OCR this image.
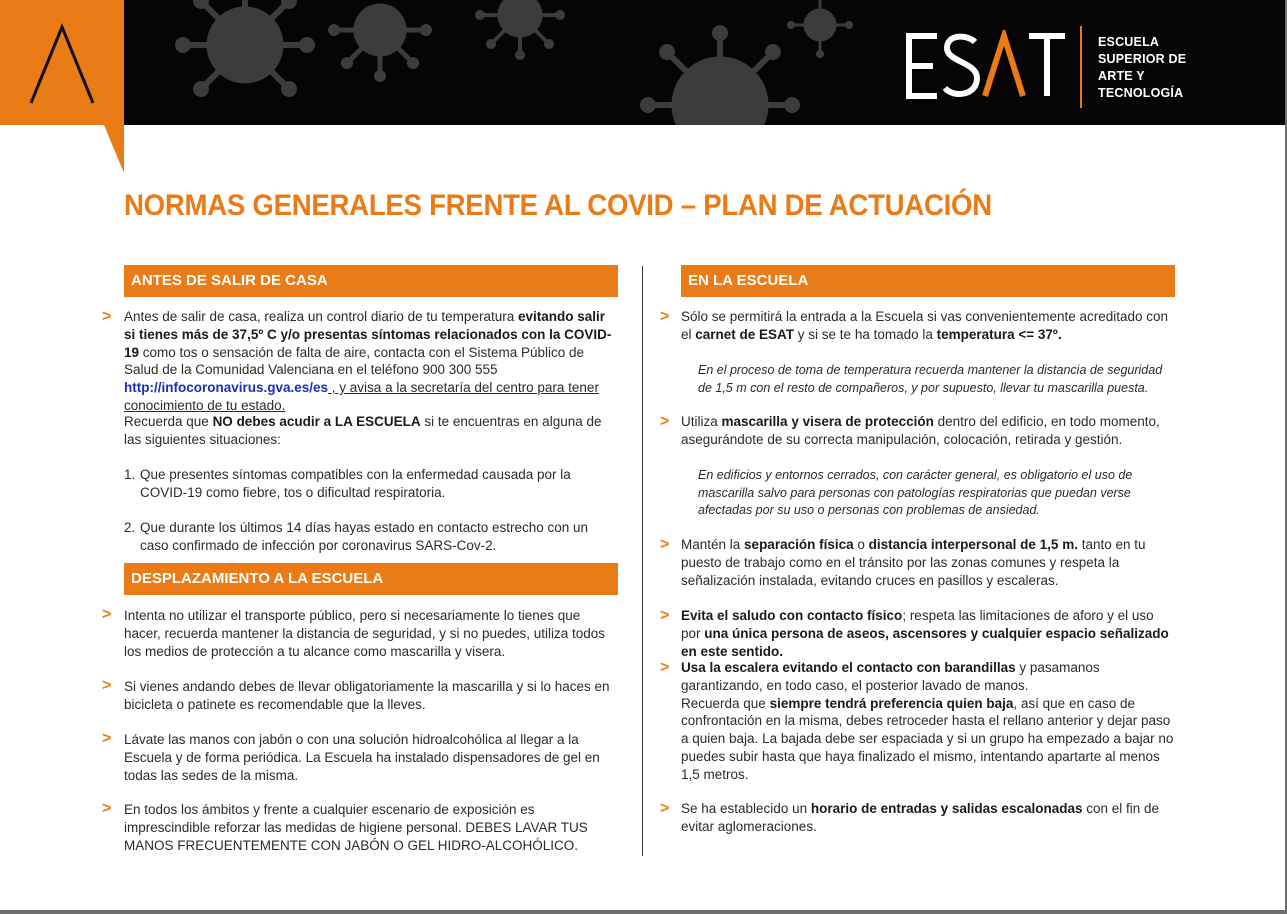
ESCUELA
SUPERIOR DE
ARTE Y
TECNOLOGÍA
NORMAS GENERALES FRENTE AL COVID – PLAN DE ACTUACIÓN
ANTES DE SALIR DE CASA
> Antes de salir de casa, realiza un control diario de tu temperatura evitando salir si tienes más de 37,5º C y/o presentas síntomas relacionados con la COVID-19 como tos o sensación de falta de aire, contacta con el Sistema Público de Salud de la Comunidad Valenciana en el teléfono 900 300 555 http://infocoronavirus.gva.es/es , y avisa a la secretaría del centro para tener conocimiento de tu estado.
Recuerda que NO debes acudir a LA ESCUELA si te encuentras en alguna de las siguientes situaciones:
1. Que presentes síntomas compatibles con la enfermedad causada por la COVID-19 como fiebre, tos o dificultad respiratoria.
2. Que durante los últimos 14 días hayas estado en contacto estrecho con un caso confirmado de infección por coronavirus SARS-Cov-2.
DESPLAZAMIENTO A LA ESCUELA
> Intenta no utilizar el transporte público, pero si necesariamente lo tienes que hacer, recuerda mantener la distancia de seguridad, y si no puedes, utiliza todos los medios de protección a tu alcance como mascarilla y visera.
> Si vienes andando debes de llevar obligatoriamente la mascarilla y si lo haces en bicicleta o patinete es recomendable que la lleves.
> Lávate las manos con jabón o con una solución hidroalcohólica al llegar a la Escuela y de forma periódica. La Escuela ha instalado dispensadores de gel en todas las sedes de la misma.
> En todos los ámbitos y frente a cualquier escenario de exposición es imprescindible reforzar las medidas de higiene personal. DEBES LAVAR TUS MANOS FRECUENTEMENTE CON JABÓN O GEL HIDRO-ALCOHÓLICO.
EN LA ESCUELA
> Sólo se permitirá la entrada a la Escuela si vas convenientemente acreditado con el carnet de ESAT y si se te ha tomado la temperatura <= 37º.
En el proceso de toma de temperatura recuerda mantener la distancia de seguridad de 1,5 m con el resto de compañeros, y por supuesto, llevar tu mascarilla puesta.
> Utiliza mascarilla y visera de protección dentro del edificio, en todo momento, asegurándote de su correcta manipulación, colocación, retirada y gestión.
En edificios y entornos cerrados, con carácter general, es obligatorio el uso de mascarilla salvo para personas con patologías respiratorias que puedan verse afectadas por su uso o personas con problemas de ansiedad.
> Mantén la separación física o distancia interpersonal de 1,5 m. tanto en tu puesto de trabajo como en el tránsito por las zonas comunes y respeta la señalización instalada, evitando cruces en pasillos y escaleras.
> Evita el saludo con contacto físico; respeta las limitaciones de aforo y el uso por una única persona de aseos, ascensores y cualquier espacio señalizado en este sentido.
> Usa la escalera evitando el contacto con barandillas y pasamanos garantizando, en todo caso, el posterior lavado de manos.
Recuerda que siempre tendrá preferencia quien baja, así que en caso de confrontación en la misma, debes retroceder hasta el rellano anterior y dejar paso a quien baja. La bajada debe ser espaciada y si un grupo ha empezado a bajar no puedes subir hasta que haya finalizado el mismo, intentando apartarte al menos 1,5 metros.
> Se ha establecido un horario de entradas y salidas escalonadas con el fin de evitar aglomeraciones.
